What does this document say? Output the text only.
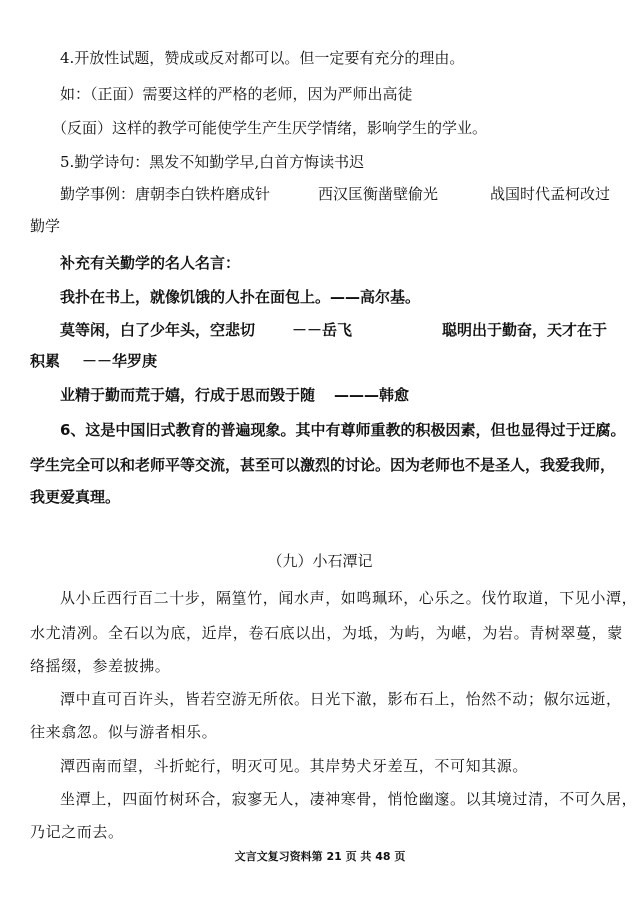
4.开放性试题，赞成或反对都可以。但一定要有充分的理由。
如：（正面）需要这样的严格的老师，因为严师出高徒
（反面）这样的教学可能使学生产生厌学情绪，影响学生的学业。
5.勤学诗句：黑发不知勤学早,白首方悔读书迟
勤学事例：唐朝李白铁杵磨成针	西汉匡衡凿壁偷光	战国时代孟柯改过
勤学
补充有关勤学的名人名言：
我扑在书上，就像饥饿的人扑在面包上。——高尔基。
莫等闲，白了少年头，空悲切 －－岳飞	聪明出于勤奋，天才在于
积累 －－华罗庚
业精于勤而荒于嬉，行成于思而毁于随 ———韩愈
6、这是中国旧式教育的普遍现象。其中有尊师重教的积极因素，但也显得过于迂腐。
学生完全可以和老师平等交流，甚至可以激烈的讨论。因为老师也不是圣人，我爱我师，
我更爱真理。
（九）小石潭记
从小丘西行百二十步，隔篁竹，闻水声，如鸣珮环，心乐之。伐竹取道，下见小潭，
水尤清冽。全石以为底，近岸，卷石底以出，为坻，为屿，为嵁，为岩。青树翠蔓，蒙
络摇缀，参差披拂。
潭中直可百许头，皆若空游无所依。日光下澈，影布石上，怡然不动；俶尔远逝，
往来翕忽。似与游者相乐。
潭西南而望，斗折蛇行，明灭可见。其岸势犬牙差互，不可知其源。
坐潭上，四面竹树环合，寂寥无人，凄神寒骨，悄怆幽邃。以其境过清，不可久居，
乃记之而去。
文言文复习资料第 21 页 共 48 页
